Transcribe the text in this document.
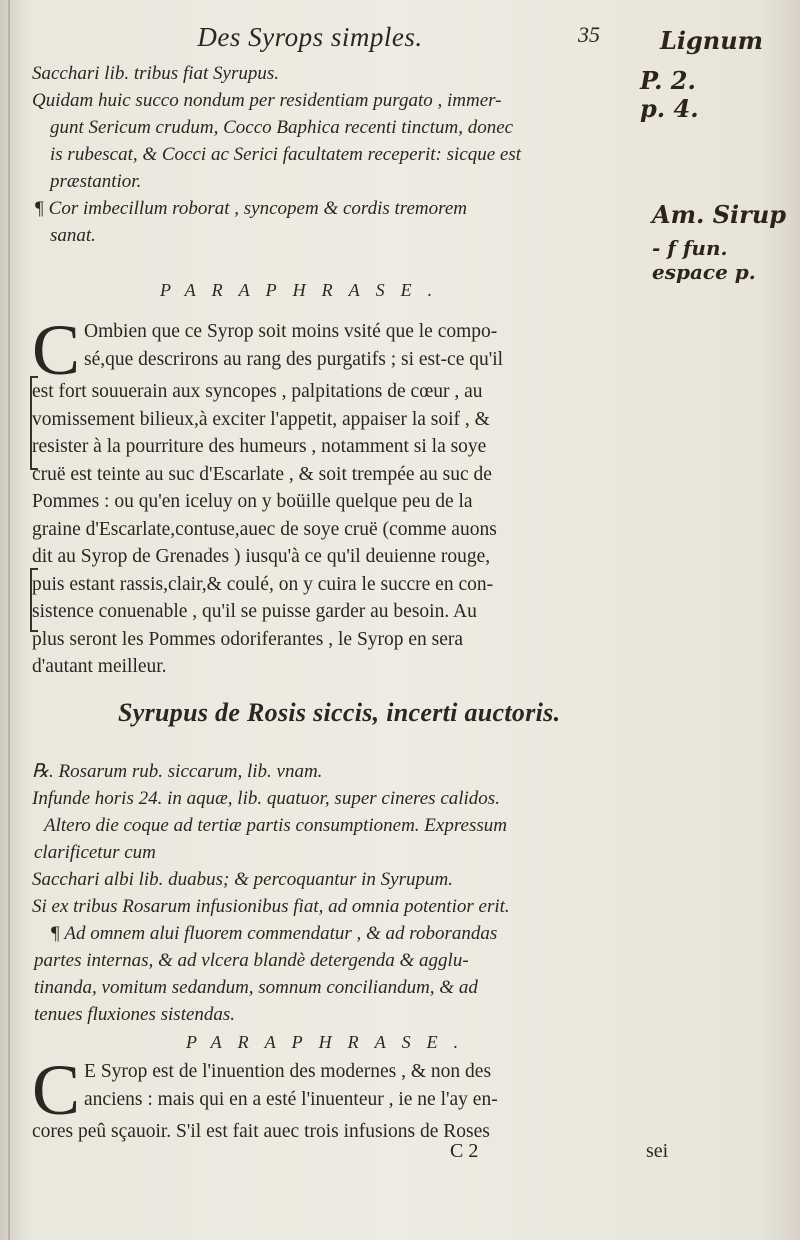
Des Syrops simples.	35	Lignum
P. 2.
p. 4.
Am. Sirup
- f fun. espace p.

Sacchari lib. tribus fiat Syrupus.

Quidam huic succo nondum per residentiam purgato , immer-

gunt Sericum crudum, Cocco Baphica recenti tinctum, donec

is rubescat, & Cocci ac Serici facultatem receperit: sicque est

præstantior.

¶ Cor imbecillum roborat , syncopem & cordis tremorem

sanat.

PARAPHRASE.
C Ombien que ce Syrop soit moins vsité que le compo-

sé,que descrirons au rang des purgatifs ; si est-ce qu'il

est fort souuerain aux syncopes , palpitations de cœur , au

vomissement bilieux,à exciter l'appetit, appaiser la soif , &

resister à la pourriture des humeurs , notamment si la soye

cruë est teinte au suc d'Escarlate , & soit trempée au suc de

Pommes : ou qu'en iceluy on y boüille quelque peu de la

graine d'Escarlate,contuse,auec de soye cruë (comme auons

dit au Syrop de Grenades ) iusqu'à ce qu'il deuienne rouge,

puis estant rassis,clair,& coulé, on y cuira le succre en con-

sistence conuenable , qu'il se puisse garder au besoin. Au

plus seront les Pommes odoriferantes , le Syrop en sera

d'autant meilleur.

Syrupus de Rosis siccis, incerti auctoris.

℞. Rosarum rub. siccarum, lib. vnam.

Infunde horis 24. in aquæ, lib. quatuor, super cineres calidos.

Altero die coque ad tertiæ partis consumptionem. Expressum

clarificetur cum

Sacchari albi lib. duabus; & percoquantur in Syrupum.

Si ex tribus Rosarum infusionibus fiat, ad omnia potentior erit.

¶ Ad omnem alui fluorem commendatur , & ad roborandas

partes internas, & ad vlcera blandè detergenda & agglu-

tinanda, vomitum sedandum, somnum conciliandum, & ad

tenues fluxiones sistendas.

PARAPHRASE.
C E Syrop est de l'inuention des modernes , & non des

anciens : mais qui en a esté l'inuenteur , ie ne l'ay en-

cores peû sçauoir. S'il est fait auec trois infusions de Roses

C 2	sei
